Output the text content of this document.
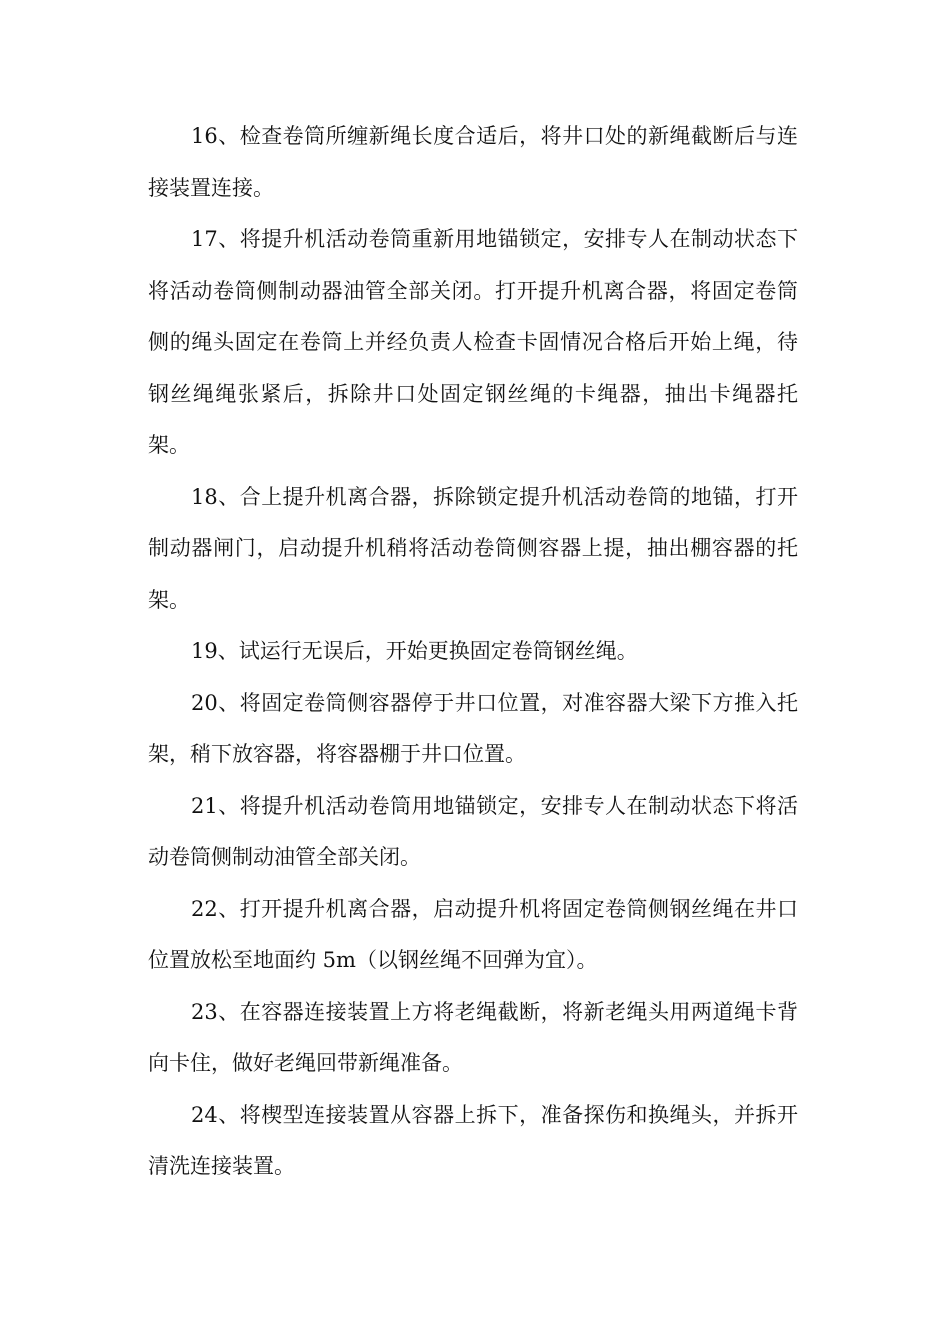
16、检查卷筒所缠新绳长度合适后，将井口处的新绳截断后与连接装置连接。

17、将提升机活动卷筒重新用地锚锁定，安排专人在制动状态下将活动卷筒侧制动器油管全部关闭。打开提升机离合器，将固定卷筒侧的绳头固定在卷筒上并经负责人检查卡固情况合格后开始上绳，待钢丝绳绳张紧后，拆除井口处固定钢丝绳的卡绳器，抽出卡绳器托架。

18、合上提升机离合器，拆除锁定提升机活动卷筒的地锚，打开制动器闸门，启动提升机稍将活动卷筒侧容器上提，抽出棚容器的托架。

19、试运行无误后，开始更换固定卷筒钢丝绳。

20、将固定卷筒侧容器停于井口位置，对准容器大梁下方推入托架，稍下放容器，将容器棚于井口位置。

21、将提升机活动卷筒用地锚锁定，安排专人在制动状态下将活动卷筒侧制动油管全部关闭。

22、打开提升机离合器，启动提升机将固定卷筒侧钢丝绳在井口位置放松至地面约 5m（以钢丝绳不回弹为宜）。

23、在容器连接装置上方将老绳截断，将新老绳头用两道绳卡背向卡住，做好老绳回带新绳准备。

24、将楔型连接装置从容器上拆下，准备探伤和换绳头，并拆开清洗连接装置。
